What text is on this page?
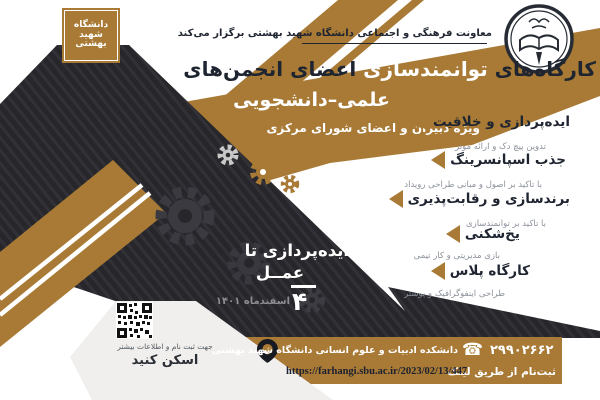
دانشگاه
شهید
بهشتی
معاونت فرهنگی و اجتماعی دانشگاه شهید بهشتی برگزار می‌کند
کارگاه‌های توانمندسازی اعضای انجمن‌های
علمی–دانشجویی
ویژه دبیران و اعضای شورای مرکزی
ایده‌پردازی و خلاقیت
تدوین پیچ دک و ارائه موثر
جذب اسپانسرینگ
با تاکید بر اصول و مبانی طراحی رویداد
برندسازی و رقابت‌پذیری
با تاکید بر توانمندسازی
یخ‌شکنی
بازی مدیریتی و کار تیمی
کارگاه پلاس
طراحی اینفوگرافیک و پوستر
از ایده‌پردازی تا
عمــل
۴
اسفندماه ۱۴۰۱
جهت ثبت نام و اطلاعات بیشتر
اسکن کنید
۲۹۹۰۲۶۶۲
☎
دانشکده ادبیات و علوم انسانی دانشگاه شهید بهشتی
ثبت‌نام از طریق لینک
https://farhangi.sbu.ac.ir/2023/02/13/447
